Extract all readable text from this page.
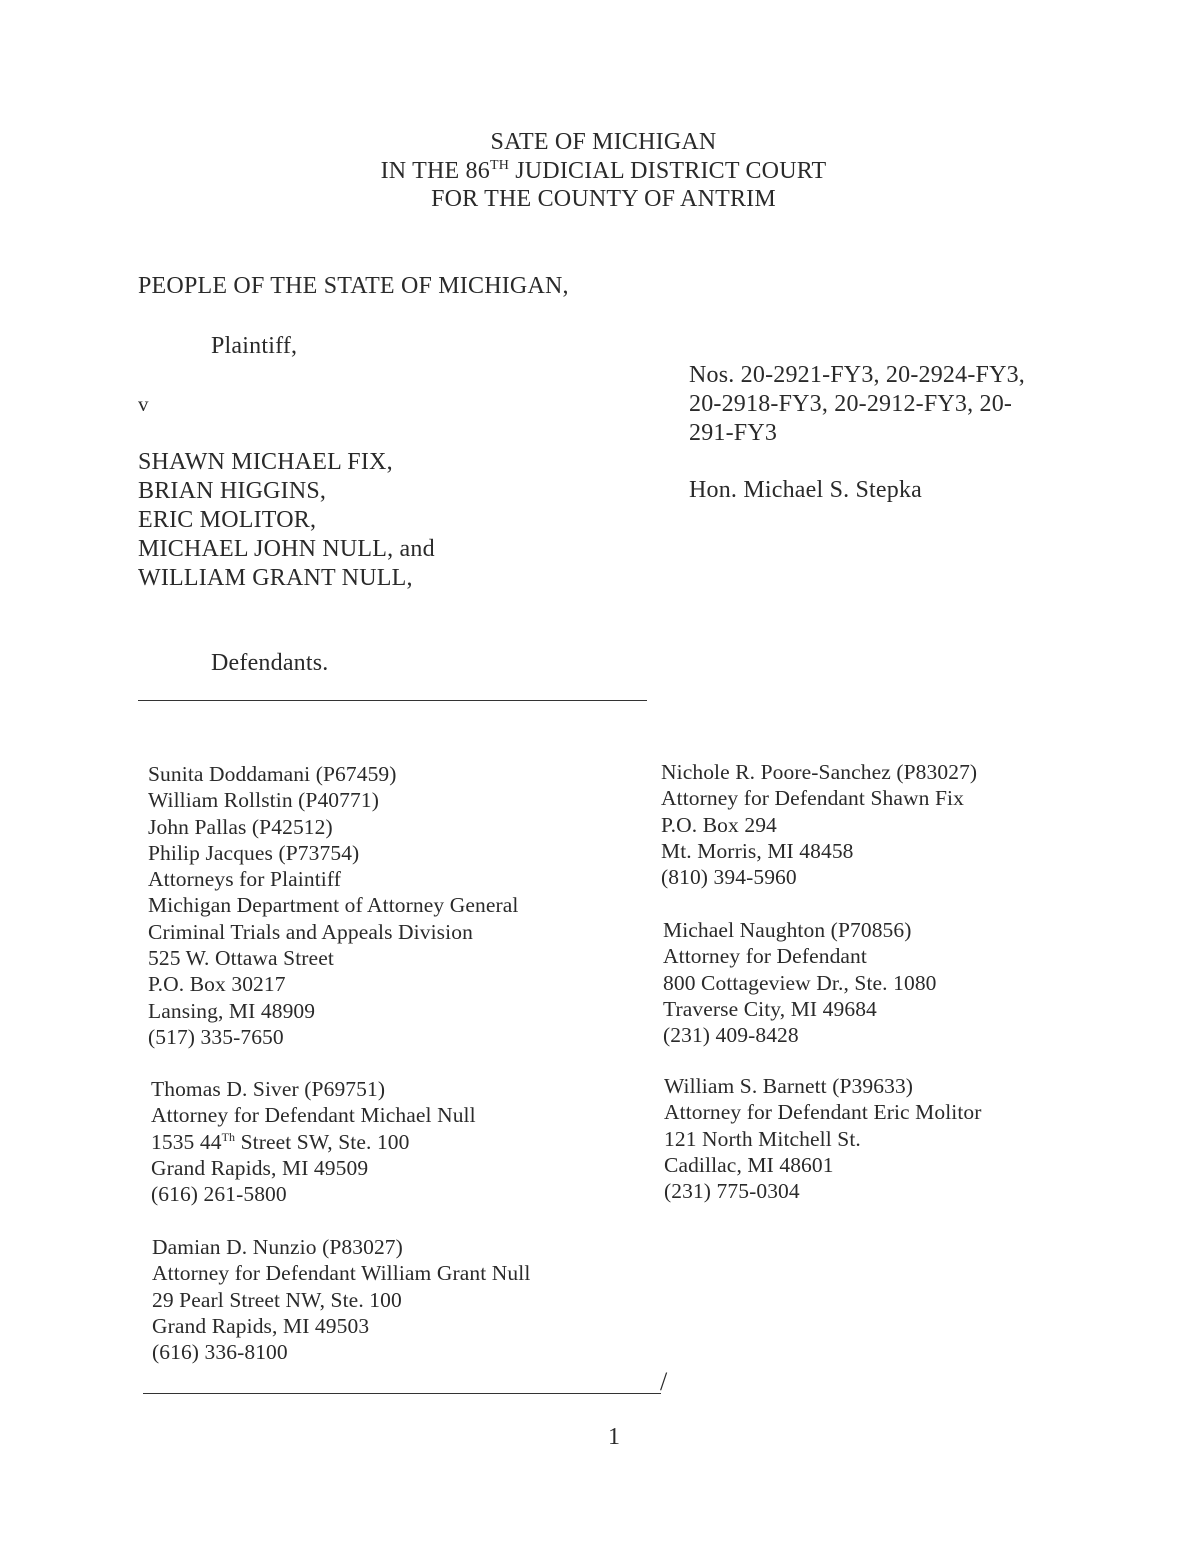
SATE OF MICHIGAN
IN THE 86TH JUDICIAL DISTRICT COURT
FOR THE COUNTY OF ANTRIM
PEOPLE OF THE STATE OF MICHIGAN,
Plaintiff,
v
SHAWN MICHAEL FIX,
BRIAN HIGGINS,
ERIC MOLITOR,
MICHAEL JOHN NULL, and
WILLIAM GRANT NULL,
Defendants.
Nos. 20-2921-FY3, 20-2924-FY3,
20-2918-FY3, 20-2912-FY3, 20-
291-FY3
Hon. Michael S. Stepka
Sunita Doddamani (P67459)
William Rollstin (P40771)
John Pallas (P42512)
Philip Jacques (P73754)
Attorneys for Plaintiff
Michigan Department of Attorney General
Criminal Trials and Appeals Division
525 W. Ottawa Street
P.O. Box 30217
Lansing, MI 48909
(517) 335-7650
Thomas D. Siver (P69751)
Attorney for Defendant Michael Null
1535 44Th Street SW, Ste. 100
Grand Rapids, MI 49509
(616) 261-5800
Damian D. Nunzio (P83027)
Attorney for Defendant William Grant Null
29 Pearl Street NW, Ste. 100
Grand Rapids, MI 49503
(616) 336-8100
Nichole R. Poore-Sanchez (P83027)
Attorney for Defendant Shawn Fix
P.O. Box 294
Mt. Morris, MI 48458
(810) 394-5960
Michael Naughton (P70856)
Attorney for Defendant
800 Cottageview Dr., Ste. 1080
Traverse City, MI 49684
(231) 409-8428
William S. Barnett (P39633)
Attorney for Defendant Eric Molitor
121 North Mitchell St.
Cadillac, MI 48601
(231) 775-0304
/
1
